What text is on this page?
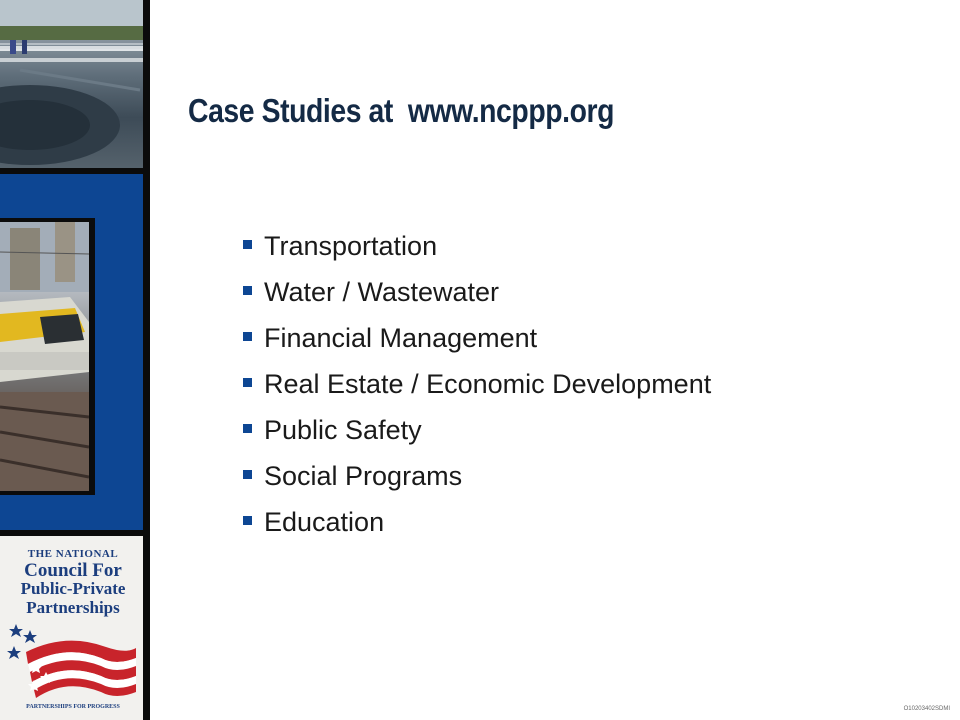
THE NATIONAL
Council For
Public-Private
Partnerships
PARTNERSHIPS FOR PROGRESS
Case Studies at  www.ncppp.org
Transportation
Water / Wastewater
Financial Management
Real Estate / Economic Development
Public Safety
Social Programs
Education
O10203402SDMI
